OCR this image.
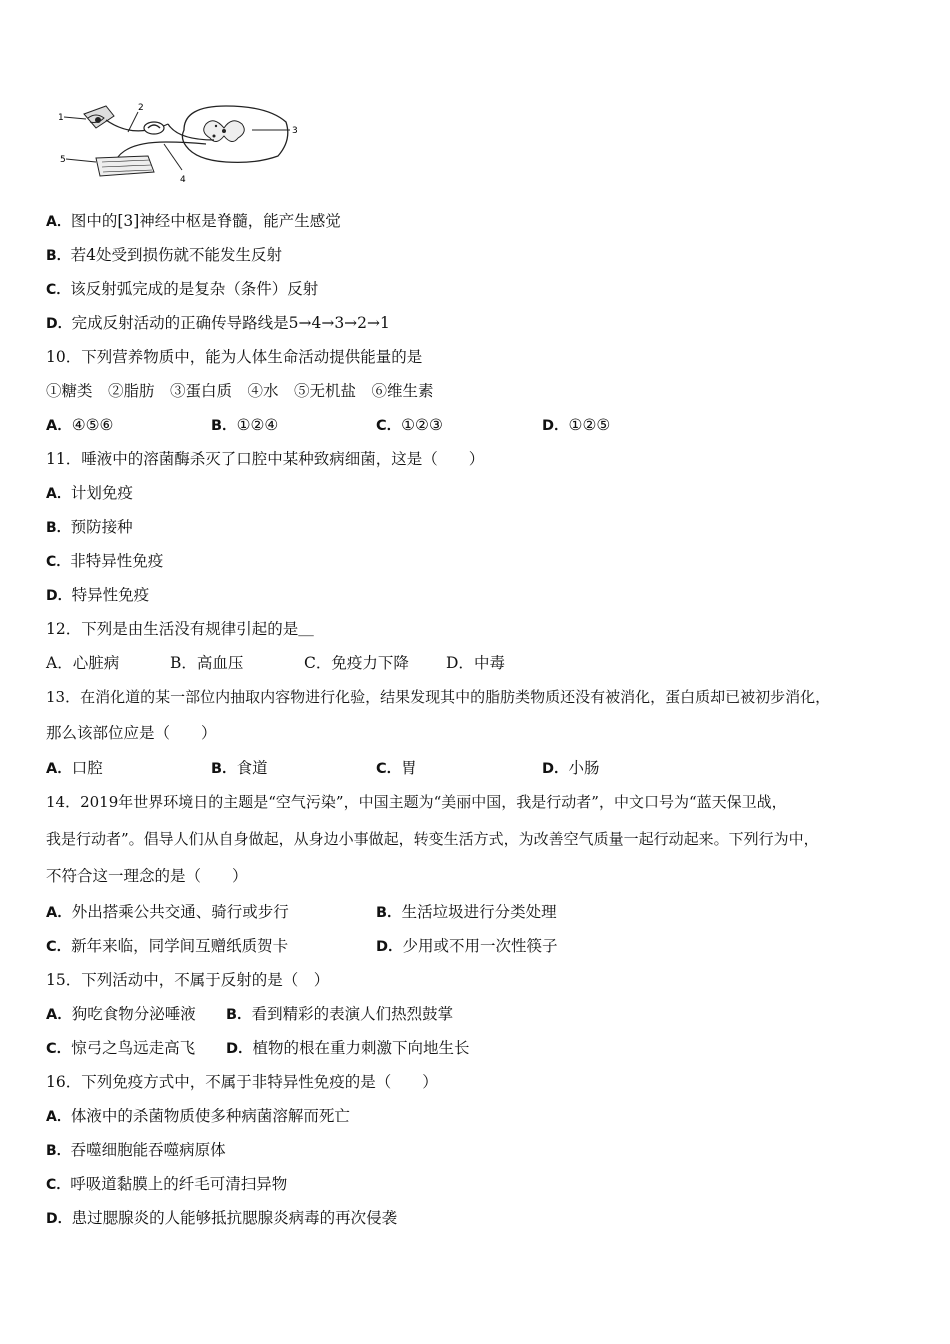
1
2
3
4
5
A．图中的[3]神经中枢是脊髓，能产生感觉
B．若4处受到损伤就不能发生反射
C．该反射弧完成的是复杂（条件）反射
D．完成反射活动的正确传导路线是5→4→3→2→1
10．下列营养物质中，能为人体生命活动提供能量的是
①糖类　②脂肪　③蛋白质　④水　⑤无机盐　⑥维生素
A．④⑤⑥	B．①②④	C．①②③	D．①②⑤
11．唾液中的溶菌酶杀灭了口腔中某种致病细菌，这是（　　）
A．计划免疫
B．预防接种
C．非特异性免疫
D．特异性免疫
12．下列是由生活没有规律引起的是＿
A．心脏病	B．高血压	C．免疫力下降 D．中毒
13．在消化道的某一部位内抽取内容物进行化验，结果发现其中的脂肪类物质还没有被消化，蛋白质却已被初步消化，
那么该部位应是（　　）
A．口腔	B．食道	C．胃	D．小肠
14．2019年世界环境日的主题是“空气污染”，中国主题为“美丽中国，我是行动者”，中文口号为“蓝天保卫战，
我是行动者”。倡导人们从自身做起，从身边小事做起，转变生活方式，为改善空气质量一起行动起来。下列行为中，
不符合这一理念的是（　　）
A．外出搭乘公共交通、骑行或步行	B．生活垃圾进行分类处理
C．新年来临，同学间互赠纸质贺卡	D．少用或不用一次性筷子
15．下列活动中，不属于反射的是（　）
A．狗吃食物分泌唾液 B．看到精彩的表演人们热烈鼓掌
C．惊弓之鸟远走高飞 D．植物的根在重力刺激下向地生长
16．下列免疫方式中，不属于非特异性免疫的是（　　）
A．体液中的杀菌物质使多种病菌溶解而死亡
B．吞噬细胞能吞噬病原体
C．呼吸道黏膜上的纤毛可清扫异物
D．患过腮腺炎的人能够抵抗腮腺炎病毒的再次侵袭
